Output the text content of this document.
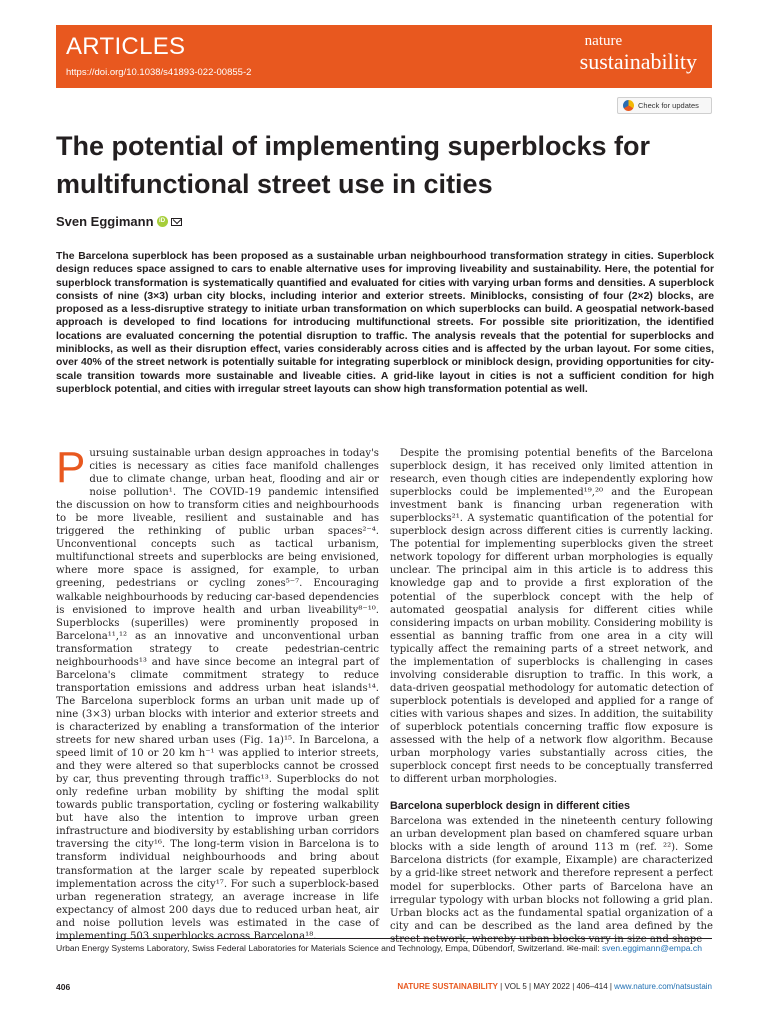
ARTICLES
https://doi.org/10.1038/s41893-022-00855-2
nature
sustainability
Check for updates
The potential of implementing superblocks for multifunctional street use in cities
Sven Eggimann iD

The Barcelona superblock has been proposed as a sustainable urban neighbourhood transformation strategy in cities. Superblock design reduces space assigned to cars to enable alternative uses for improving liveability and sustainability. Here, the potential for superblock transformation is systematically quantified and evaluated for cities with varying urban forms and densities. A superblock consists of nine (3×3) urban city blocks, including interior and exterior streets. Miniblocks, consisting of four (2×2) blocks, are proposed as a less-disruptive strategy to initiate urban transformation on which superblocks can build. A geospatial network-based approach is developed to find locations for introducing multifunctional streets. For possible site prioritization, the identified locations are evaluated concerning the potential disruption to traffic. The analysis reveals that the potential for superblocks and miniblocks, as well as their disruption effect, varies considerably across cities and is affected by the urban layout. For some cities, over 40% of the street network is potentially suitable for integrating superblock or miniblock design, providing opportunities for city-scale transition towards more sustainable and liveable cities. A grid-like layout in cities is not a sufficient condition for high superblock potential, and cities with irregular street layouts can show high transformation potential as well.

P ursuing sustainable urban design approaches in today's cities is necessary as cities face manifold challenges due to climate change, urban heat, flooding and air or noise pollution¹. The COVID-19 pandemic intensified the discussion on how to transform cities and neighbourhoods to be more liveable, resilient and sustainable and has triggered the rethinking of public urban spaces²⁻⁴. Unconventional concepts such as tactical urbanism, multifunctional streets and superblocks are being envisioned, where more space is assigned, for example, to urban greening, pedestrians or cycling zones⁵⁻⁷. Encouraging walkable neighbourhoods by reducing car-based dependencies is envisioned to improve health and urban liveability⁸⁻¹⁰. Superblocks (superilles) were prominently proposed in Barcelona¹¹,¹² as an innovative and unconventional urban transformation strategy to create pedestrian-centric neighbourhoods¹³ and have since become an integral part of Barcelona's climate commitment strategy to reduce transportation emissions and address urban heat islands¹⁴. The Barcelona superblock forms an urban unit made up of nine (3×3) urban blocks with interior and exterior streets and is characterized by enabling a transformation of the interior streets for new shared urban uses (Fig. 1a)¹⁵. In Barcelona, a speed limit of 10 or 20 km h⁻¹ was applied to interior streets, and they were altered so that superblocks cannot be crossed by car, thus preventing through traffic¹³. Superblocks do not only redefine urban mobility by shifting the modal split towards public transportation, cycling or fostering walkability but have also the intention to improve urban green infrastructure and biodiversity by establishing urban corridors traversing the city¹⁶. The long-term vision in Barcelona is to transform individual neighbourhoods and bring about transformation at the larger scale by repeated superblock implementation across the city¹⁷. For such a superblock-based urban regeneration strategy, an average increase in life expectancy of almost 200 days due to reduced urban heat, air and noise pollution levels was estimated in the case of implementing 503 superblocks across Barcelona¹⁸.

Despite the promising potential benefits of the Barcelona superblock design, it has received only limited attention in research, even though cities are independently exploring how superblocks could be implemented¹⁹,²⁰ and the European investment bank is financing urban regeneration with superblocks²¹. A systematic quantification of the potential for superblock design across different cities is currently lacking. The potential for implementing superblocks given the street network topology for different urban morphologies is equally unclear. The principal aim in this article is to address this knowledge gap and to provide a first exploration of the potential of the superblock concept with the help of automated geospatial analysis for different cities while considering impacts on urban mobility. Considering mobility is essential as banning traffic from one area in a city will typically affect the remaining parts of a street network, and the implementation of superblocks is challenging in cases involving considerable disruption to traffic. In this work, a data-driven geospatial methodology for automatic detection of superblock potentials is developed and applied for a range of cities with various shapes and sizes. In addition, the suitability of superblock potentials concerning traffic flow exposure is assessed with the help of a network flow algorithm. Because urban morphology varies substantially across cities, the superblock concept first needs to be conceptually transferred to different urban morphologies.

Barcelona superblock design in different cities

Barcelona was extended in the nineteenth century following an urban development plan based on chamfered square urban blocks with a side length of around 113 m (ref. ²²). Some Barcelona districts (for example, Eixample) are characterized by a grid-like street network and therefore represent a perfect model for superblocks. Other parts of Barcelona have an irregular typology with urban blocks not following a grid plan. Urban blocks act as the fundamental spatial organization of a city and can be described as the land area defined by the street network, whereby urban blocks vary in size and shape

Urban Energy Systems Laboratory, Swiss Federal Laboratories for Materials Science and Technology, Empa, Dübendorf, Switzerland. ✉e-mail: sven.eggimann@empa.ch
406	NATURE SUSTAINABILITY | VOL 5 | MAY 2022 | 406–414 | www.nature.com/natsustain
